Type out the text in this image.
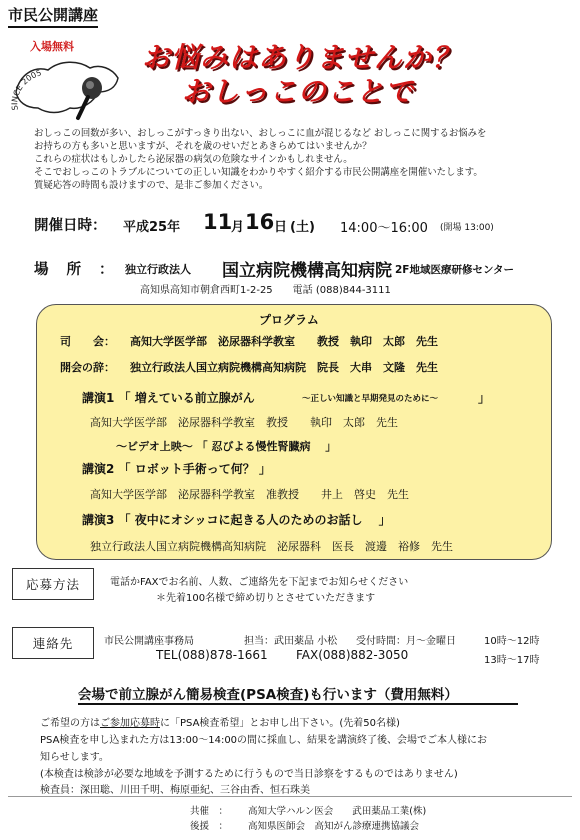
市民公開講座
入場無料
SINCE 2005	お悩みはありませんか？
おしっこのことで

おしっこの回数が多い、おしっこがすっきり出ない、おしっこに血が混じるなど おしっこに関するお悩みを

お持ちの方も多いと思いますが、それを歳のせいだとあきらめてはいませんか？

これらの症状はもしかしたら泌尿器の病気の危険なサインかもしれません。

そこでおしっこのトラブルについての正しい知識をわかりやすく紹介する市民公開講座を開催いたします。

質疑応答の時間も設けますので、是非ご参加ください。

開催日時： 平成25年 11
月 16 日 (土) 14:00〜16:00 (開場 13:00)
場所：
独立行政法人 国立病院機構高知病院 2F地域医療研修センター
高知県高知市朝倉西町1-2-25　　電話 (088)844-3111
プログラム
司　　会： 高知大学医学部　泌尿器科学教室　　教授　執印　太郎　先生
開会の辞： 独立行政法人国立病院機構高知病院　院長　大串　文隆　先生
講演1 「 増えている前立腺がん	〜正しい知識と早期発見のために〜	」
高知大学医学部　泌尿器科学教室　教授　　執印　太郎　先生
〜ビデオ上映〜 「 忍びよる慢性腎臓病　 」
講演2 「 ロボット手術って何？ 」
高知大学医学部　泌尿器科学教室　准教授　　井上　啓史　先生
講演3 「 夜中にオシッコに起きる人のためのお話し　 」
独立行政法人国立病院機構高知病院　泌尿器科　医長　渡邊　裕修　先生
応募方法	電話かFAXでお名前、人数、ご連絡先を下記までお知らせください
＊先着100名様で締め切りとさせていただきます
連絡先	市民公開講座事務局	担当：武田薬品 小松 受付時間：月〜金曜日	10時〜12時
TEL(088)878-1661 FAX(088)882-3050	13時〜17時
会場で前立腺がん簡易検査(PSA検査)も行います（費用無料）
ご希望の方はご参加応募時に「PSA検査希望」とお申し出下さい。(先着50名様)
PSA検査を申し込まれた方は13:00〜14:00の間に採血し、結果を講演終了後、会場でご本人様にお
知らせします。
(本検査は検診が必要な地域を予測するために行うもので当日診察をするものではありません)
検査員：深田聡、川田千明、梅原亜紀、三谷由香、恒石珠美
共催　： 高知大学ハルン医会　　武田薬品工業(株)
後援　： 高知県医師会　高知がん診療連携協議会
